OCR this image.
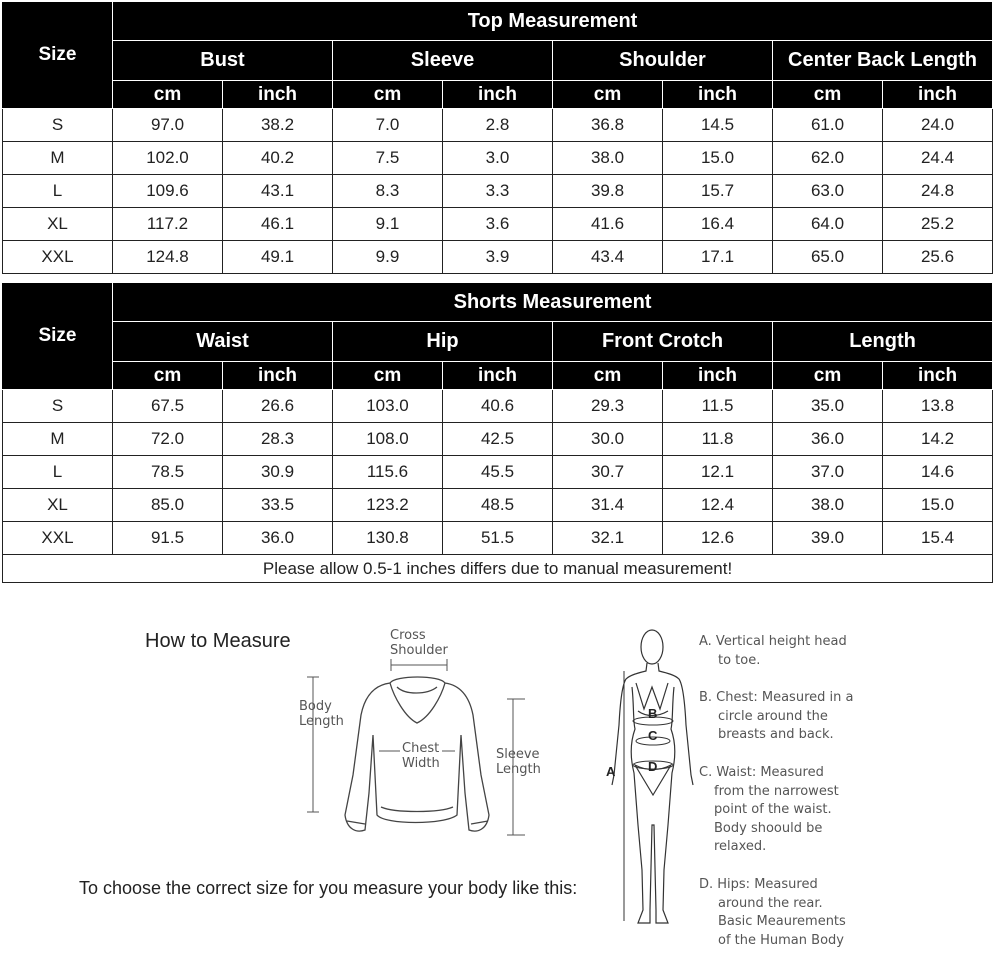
Size	Top Measurement							
	Bust		Sleeve		Shoulder		Center Back Length	
	cm	inch	cm	inch	cm	inch	cm	inch
S	97.0	38.2	7.0	2.8	36.8	14.5	61.0	24.0
M	102.0	40.2	7.5	3.0	38.0	15.0	62.0	24.4
L	109.6	43.1	8.3	3.3	39.8	15.7	63.0	24.8
XL	117.2	46.1	9.1	3.6	41.6	16.4	64.0	25.2
XXL	124.8	49.1	9.9	3.9	43.4	17.1	65.0	25.6
Size	Shorts Measurement							
	Waist		Hip		Front Crotch		Length	
	cm	inch	cm	inch	cm	inch	cm	inch
S	67.5	26.6	103.0	40.6	29.3	11.5	35.0	13.8
M	72.0	28.3	108.0	42.5	30.0	11.8	36.0	14.2
L	78.5	30.9	115.6	45.5	30.7	12.1	37.0	14.6
XL	85.0	33.5	123.2	48.5	31.4	12.4	38.0	15.0
XXL	91.5	36.0	130.8	51.5	32.1	12.6	39.0	15.4
Please allow 0.5-1 inches differs due to manual measurement!								
How to Measure	Cross
Shoulder
Body
Length
Chest
Width
Sleeve
Length
To choose the correct size for you measure your body like this:
A
B
C
D
A. Vertical height head
to toe.
B. Chest: Measured in a
circle around the
breasts and back.
C. Waist: Measured
from the narrowest
point of the waist.
Body shoould be
relaxed.
D. Hips: Measured
around the rear.
Basic Meaurements
of the Human Body
